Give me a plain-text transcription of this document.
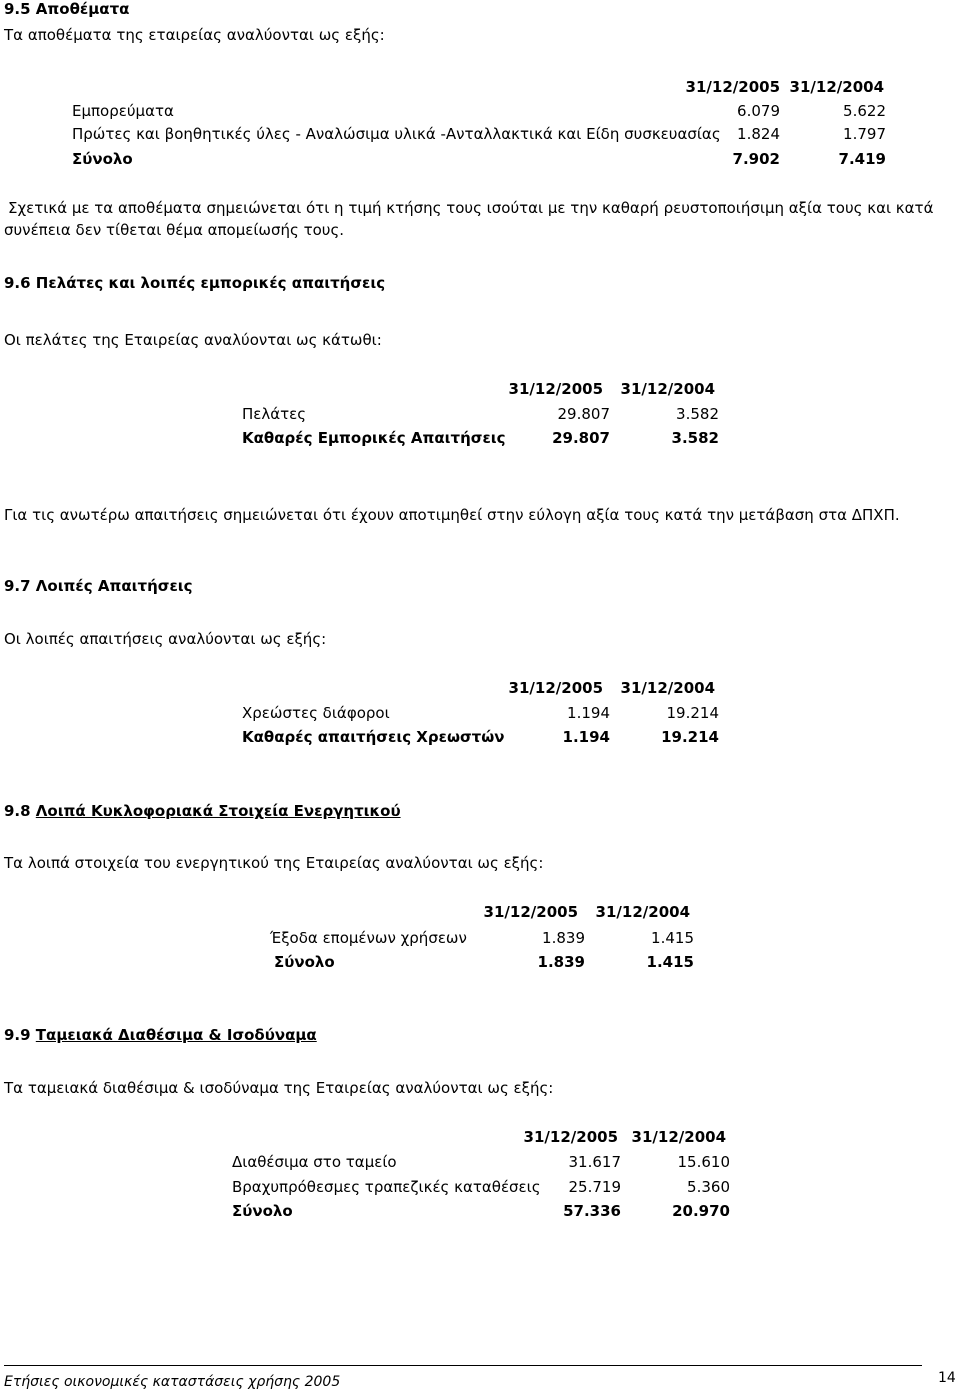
9.5 Αποθέματα
Τα αποθέματα της εταιρείας αναλύονται ως εξής:
31/12/2005 31/12/2004
Εμπορεύματα	6.079	5.622
Πρώτες και βοηθητικές ύλες - Αναλώσιμα υλικά -Ανταλλακτικά και Είδη συσκευασίας	1.824	1.797
Σύνολο	7.902	7.419
Σχετικά με τα αποθέματα σημειώνεται ότι η τιμή κτήσης τους ισούται με την καθαρή ρευστοποιήσιμη αξία τους και κατά συνέπεια δεν τίθεται θέμα απομείωσής τους.
9.6 Πελάτες και λοιπές εμπορικές απαιτήσεις
Οι πελάτες της Εταιρείας αναλύονται ως κάτωθι:
31/12/2005	31/12/2004
Πελάτες	29.807	3.582
Καθαρές Εμπορικές Απαιτήσεις	29.807	3.582
Για τις ανωτέρω απαιτήσεις σημειώνεται ότι έχουν αποτιμηθεί στην εύλογη αξία τους κατά την μετάβαση στα ΔΠΧΠ.
9.7 Λοιπές Απαιτήσεις
Οι λοιπές απαιτήσεις αναλύονται ως εξής:
31/12/2005	31/12/2004
Χρεώστες διάφοροι	1.194	19.214
Καθαρές απαιτήσεις Χρεωστών	1.194	19.214
9.8 Λοιπά Κυκλοφοριακά Στοιχεία Ενεργητικού
Τα λοιπά στοιχεία του ενεργητικού της Εταιρείας αναλύονται ως εξής:
31/12/2005	31/12/2004
Έξοδα επομένων χρήσεων	1.839	1.415
Σύνολο	1.839	1.415
9.9 Ταμειακά Διαθέσιμα & Ισοδύναμα
Τα ταμειακά διαθέσιμα & ισοδύναμα της Εταιρείας αναλύονται ως εξής:
31/12/2005 31/12/2004
Διαθέσιμα στο ταμείο	31.617	15.610
Βραχυπρόθεσμες τραπεζικές καταθέσεις	25.719	5.360
Σύνολο	57.336	20.970
Ετήσιες οικονομικές καταστάσεις χρήσης 2005	14
